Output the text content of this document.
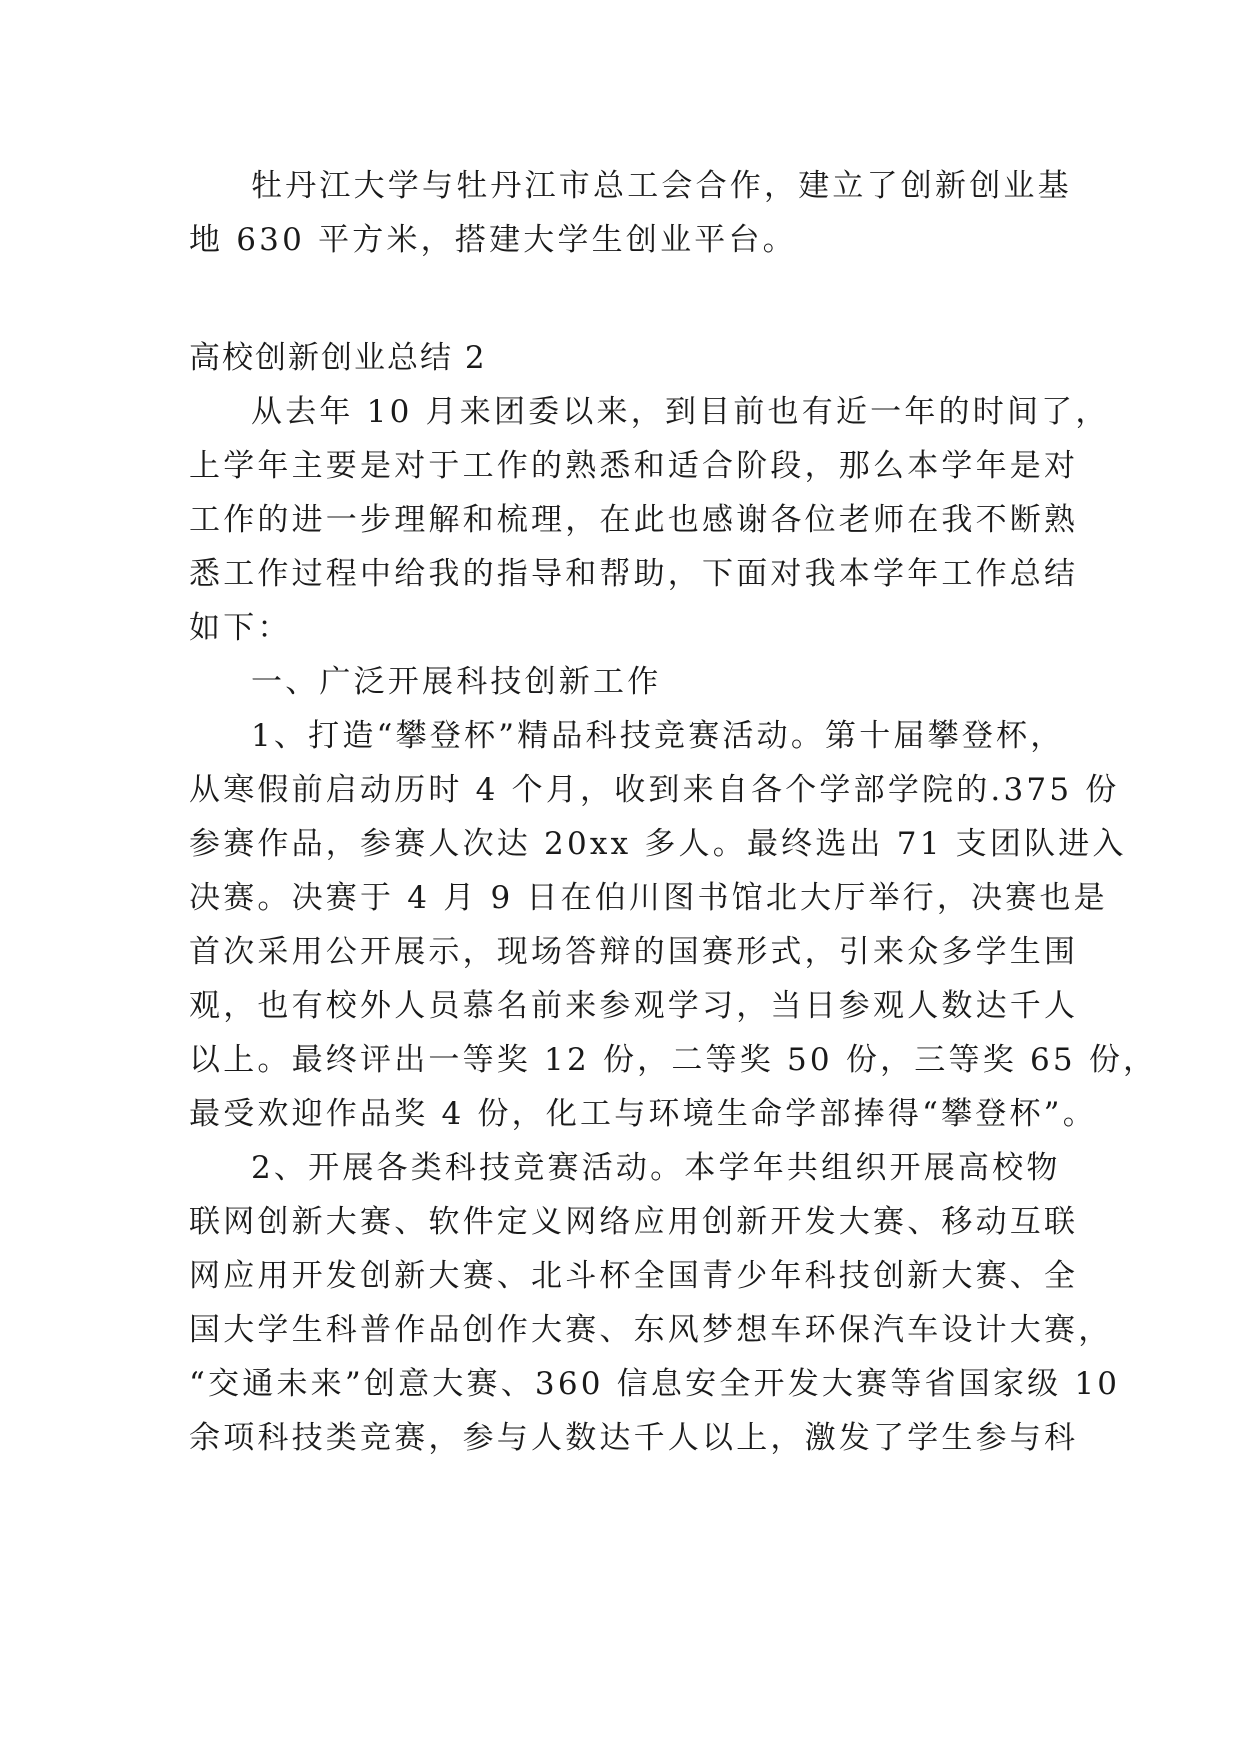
牡丹江大学与牡丹江市总工会合作，建立了创新创业基
地 630 平方米，搭建大学生创业平台。
高校创新创业总结 2
从去年 10 月来团委以来，到目前也有近一年的时间了，
上学年主要是对于工作的熟悉和适合阶段，那么本学年是对
工作的进一步理解和梳理，在此也感谢各位老师在我不断熟
悉工作过程中给我的指导和帮助，下面对我本学年工作总结
如下：
一、广泛开展科技创新工作
1、打造“攀登杯”精品科技竞赛活动。第十届攀登杯，
从寒假前启动历时 4 个月，收到来自各个学部学院的.375 份
参赛作品，参赛人次达 20xx 多人。最终选出 71 支团队进入
决赛。决赛于 4 月 9 日在伯川图书馆北大厅举行，决赛也是
首次采用公开展示，现场答辩的国赛形式，引来众多学生围
观，也有校外人员慕名前来参观学习，当日参观人数达千人
以上。最终评出一等奖 12 份，二等奖 50 份，三等奖 65 份，
最受欢迎作品奖 4 份，化工与环境生命学部捧得“攀登杯”。
2、开展各类科技竞赛活动。本学年共组织开展高校物
联网创新大赛、软件定义网络应用创新开发大赛、移动互联
网应用开发创新大赛、北斗杯全国青少年科技创新大赛、全
国大学生科普作品创作大赛、东风梦想车环保汽车设计大赛，
“交通未来”创意大赛、360 信息安全开发大赛等省国家级 10
余项科技类竞赛，参与人数达千人以上，激发了学生参与科
